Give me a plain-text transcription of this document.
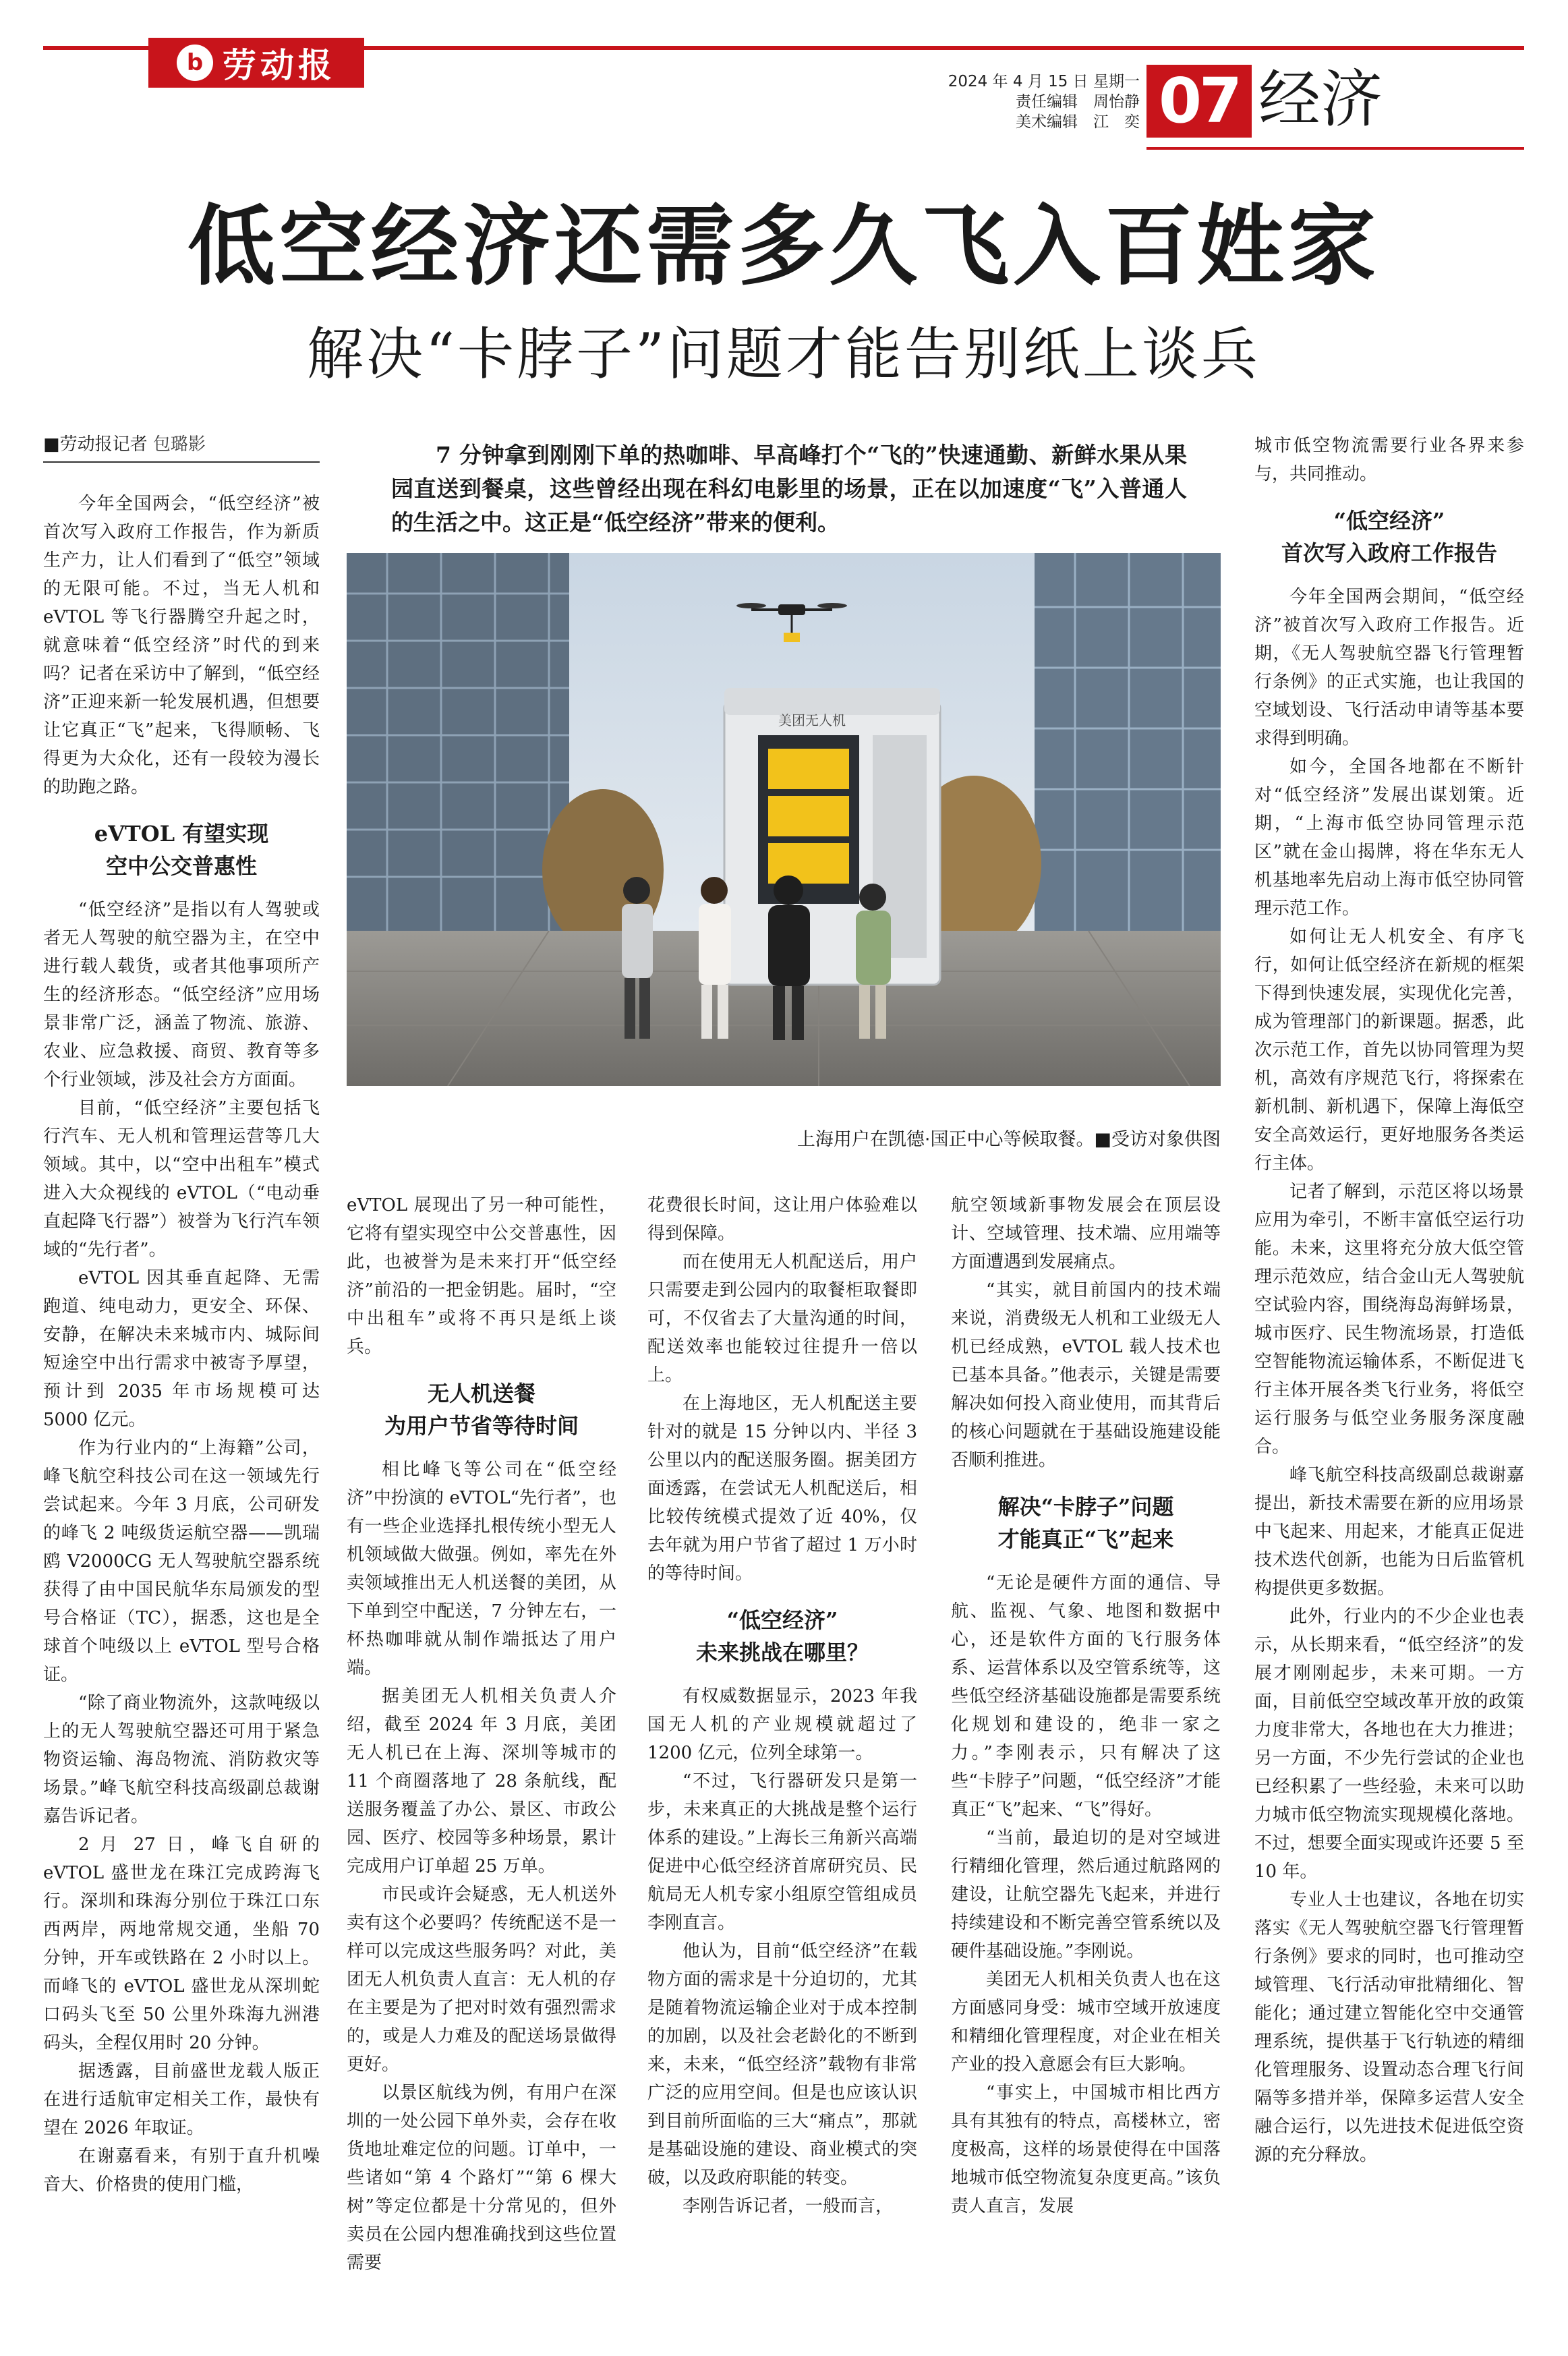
b 劳动报	2024 年 4 月 15 日 星期一
责任编辑　周怡静
美术编辑　江　奕 07 经济
低空经济还需多久飞入百姓家
解决“卡脖子”问题才能告别纸上谈兵
7 分钟拿到刚刚下单的热咖啡、早高峰打个“飞的”快速通勤、新鲜水果从果园直送到餐桌，这些曾经出现在科幻电影里的场景，正在以加速度“飞”入普通人的生活之中。这正是“低空经济”带来的便利。
美团无人机
上海用户在凯德·国正中心等候取餐。■受访对象供图
■劳动报记者 包璐影

今年全国两会，“低空经济”被首次写入政府工作报告，作为新质生产力，让人们看到了“低空”领域的无限可能。不过，当无人机和 eVTOL 等飞行器腾空升起之时，就意味着“低空经济”时代的到来吗？记者在采访中了解到，“低空经济”正迎来新一轮发展机遇，但想要让它真正“飞”起来，飞得顺畅、飞得更为大众化，还有一段较为漫长的助跑之路。

eVTOL 有望实现
空中公交普惠性

“低空经济”是指以有人驾驶或者无人驾驶的航空器为主，在空中进行载人载货，或者其他事项所产生的经济形态。“低空经济”应用场景非常广泛，涵盖了物流、旅游、农业、应急救援、商贸、教育等多个行业领域，涉及社会方方面面。

目前，“低空经济”主要包括飞行汽车、无人机和管理运营等几大领域。其中，以“空中出租车”模式进入大众视线的 eVTOL（“电动垂直起降飞行器”）被誉为飞行汽车领域的“先行者”。

eVTOL 因其垂直起降、无需跑道、纯电动力，更安全、环保、安静，在解决未来城市内、城际间短途空中出行需求中被寄予厚望，预计到 2035 年市场规模可达 5000 亿元。

作为行业内的“上海籍”公司，峰飞航空科技公司在这一领域先行尝试起来。今年 3 月底，公司研发的峰飞 2 吨级货运航空器——凯瑞鸥 V2000CG 无人驾驶航空器系统获得了由中国民航华东局颁发的型号合格证（TC），据悉，这也是全球首个吨级以上 eVTOL 型号合格证。

“除了商业物流外，这款吨级以上的无人驾驶航空器还可用于紧急物资运输、海岛物流、消防救灾等场景。”峰飞航空科技高级副总裁谢嘉告诉记者。

2 月 27 日，峰飞自研的 eVTOL 盛世龙在珠江完成跨海飞行。深圳和珠海分别位于珠江口东西两岸，两地常规交通，坐船 70 分钟，开车或铁路在 2 小时以上。而峰飞的 eVTOL 盛世龙从深圳蛇口码头飞至 50 公里外珠海九洲港码头，全程仅用时 20 分钟。

据透露，目前盛世龙载人版正在进行适航审定相关工作，最快有望在 2026 年取证。

在谢嘉看来，有别于直升机噪音大、价格贵的使用门槛，

eVTOL 展现出了另一种可能性，它将有望实现空中公交普惠性，因此，也被誉为是未来打开“低空经济”前沿的一把金钥匙。届时，“空中出租车”或将不再只是纸上谈兵。

无人机送餐
为用户节省等待时间

相比峰飞等公司在“低空经济”中扮演的 eVTOL“先行者”，也有一些企业选择扎根传统小型无人机领域做大做强。例如，率先在外卖领域推出无人机送餐的美团，从下单到空中配送，7 分钟左右，一杯热咖啡就从制作端抵达了用户端。

据美团无人机相关负责人介绍，截至 2024 年 3 月底，美团无人机已在上海、深圳等城市的 11 个商圈落地了 28 条航线，配送服务覆盖了办公、景区、市政公园、医疗、校园等多种场景，累计完成用户订单超 25 万单。

市民或许会疑惑，无人机送外卖有这个必要吗？传统配送不是一样可以完成这些服务吗？对此，美团无人机负责人直言：无人机的存在主要是为了把对时效有强烈需求的，或是人力难及的配送场景做得更好。

以景区航线为例，有用户在深圳的一处公园下单外卖，会存在收货地址难定位的问题。订单中，一些诸如“第 4 个路灯”“第 6 棵大树”等定位都是十分常见的，但外卖员在公园内想准确找到这些位置需要

花费很长时间，这让用户体验难以得到保障。

而在使用无人机配送后，用户只需要走到公园内的取餐柜取餐即可，不仅省去了大量沟通的时间，配送效率也能较过往提升一倍以上。

在上海地区，无人机配送主要针对的就是 15 分钟以内、半径 3 公里以内的配送服务圈。据美团方面透露，在尝试无人机配送后，相比较传统模式提效了近 40%，仅去年就为用户节省了超过 1 万小时的等待时间。

“低空经济”
未来挑战在哪里？

有权威数据显示，2023 年我国无人机的产业规模就超过了 1200 亿元，位列全球第一。

“不过，飞行器研发只是第一步，未来真正的大挑战是整个运行体系的建设。”上海长三角新兴高端促进中心低空经济首席研究员、民航局无人机专家小组原空管组成员李刚直言。

他认为，目前“低空经济”在载物方面的需求是十分迫切的，尤其是随着物流运输企业对于成本控制的加剧，以及社会老龄化的不断到来，未来，“低空经济”载物有非常广泛的应用空间。但是也应该认识到目前所面临的三大“痛点”，那就是基础设施的建设、商业模式的突破，以及政府职能的转变。

李刚告诉记者，一般而言，

航空领域新事物发展会在顶层设计、空域管理、技术端、应用端等方面遭遇到发展痛点。

“其实，就目前国内的技术端来说，消费级无人机和工业级无人机已经成熟，eVTOL 载人技术也已基本具备。”他表示，关键是需要解决如何投入商业使用，而其背后的核心问题就在于基础设施建设能否顺利推进。

解决“卡脖子”问题
才能真正“飞”起来

“无论是硬件方面的通信、导航、监视、气象、地图和数据中心，还是软件方面的飞行服务体系、运营体系以及空管系统等，这些低空经济基础设施都是需要系统化规划和建设的，绝非一家之力。”李刚表示，只有解决了这些“卡脖子”问题，“低空经济”才能真正“飞”起来、“飞”得好。

“当前，最迫切的是对空域进行精细化管理，然后通过航路网的建设，让航空器先飞起来，并进行持续建设和不断完善空管系统以及硬件基础设施。”李刚说。

美团无人机相关负责人也在这方面感同身受：城市空域开放速度和精细化管理程度，对企业在相关产业的投入意愿会有巨大影响。

“事实上，中国城市相比西方具有其独有的特点，高楼林立，密度极高，这样的场景使得在中国落地城市低空物流复杂度更高。”该负责人直言，发展

城市低空物流需要行业各界来参与，共同推动。

“低空经济”
首次写入政府工作报告

今年全国两会期间，“低空经济”被首次写入政府工作报告。近期，《无人驾驶航空器飞行管理暂行条例》的正式实施，也让我国的空域划设、飞行活动申请等基本要求得到明确。

如今，全国各地都在不断针对“低空经济”发展出谋划策。近期，“上海市低空协同管理示范区”就在金山揭牌，将在华东无人机基地率先启动上海市低空协同管理示范工作。

如何让无人机安全、有序飞行，如何让低空经济在新规的框架下得到快速发展，实现优化完善，成为管理部门的新课题。据悉，此次示范工作，首先以协同管理为契机，高效有序规范飞行，将探索在新机制、新机遇下，保障上海低空安全高效运行，更好地服务各类运行主体。

记者了解到，示范区将以场景应用为牵引，不断丰富低空运行功能。未来，这里将充分放大低空管理示范效应，结合金山无人驾驶航空试验内容，围绕海岛海鲜场景，城市医疗、民生物流场景，打造低空智能物流运输体系，不断促进飞行主体开展各类飞行业务，将低空运行服务与低空业务服务深度融合。

峰飞航空科技高级副总裁谢嘉提出，新技术需要在新的应用场景中飞起来、用起来，才能真正促进技术迭代创新，也能为日后监管机构提供更多数据。

此外，行业内的不少企业也表示，从长期来看，“低空经济”的发展才刚刚起步，未来可期。一方面，目前低空空域改革开放的政策力度非常大，各地也在大力推进；另一方面，不少先行尝试的企业也已经积累了一些经验，未来可以助力城市低空物流实现规模化落地。不过，想要全面实现或许还要 5 至 10 年。

专业人士也建议，各地在切实落实《无人驾驶航空器飞行管理暂行条例》要求的同时，也可推动空域管理、飞行活动审批精细化、智能化；通过建立智能化空中交通管理系统，提供基于飞行轨迹的精细化管理服务、设置动态合理飞行间隔等多措并举，保障多运营人安全融合运行，以先进技术促进低空资源的充分释放。
